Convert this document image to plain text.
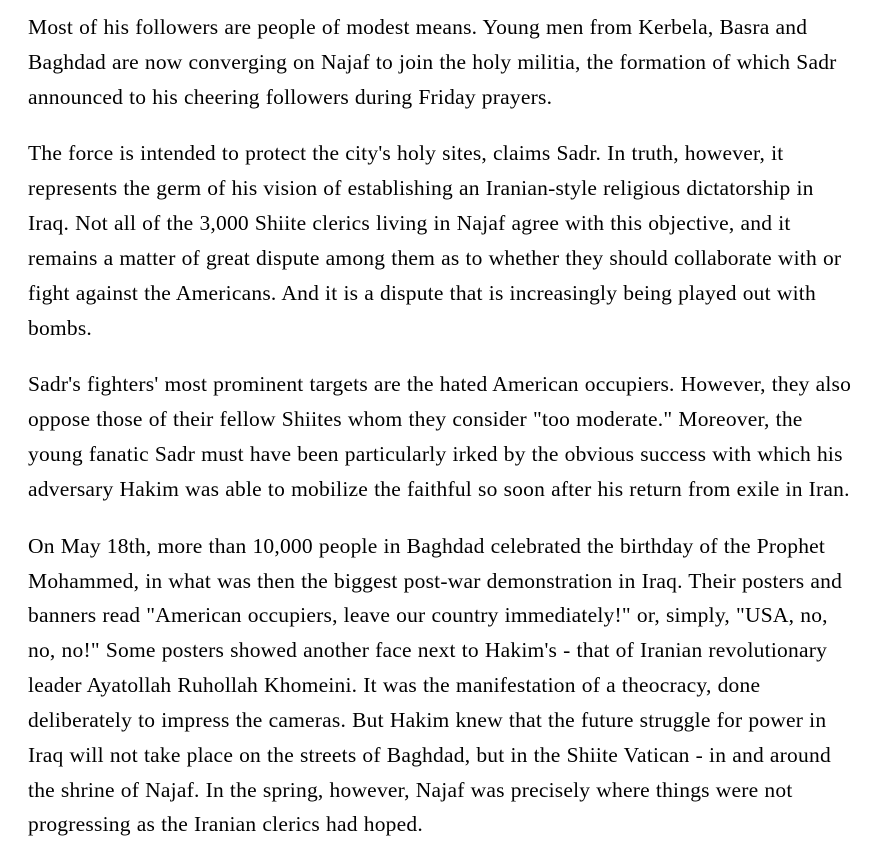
Most of his followers are people of modest means. Young men from Kerbela, Basra and Baghdad are now converging on Najaf to join the holy militia, the formation of which Sadr announced to his cheering followers during Friday prayers.

The force is intended to protect the city's holy sites, claims Sadr. In truth, however, it represents the germ of his vision of establishing an Iranian-style religious dictatorship in Iraq. Not all of the 3,000 Shiite clerics living in Najaf agree with this objective, and it remains a matter of great dispute among them as to whether they should collaborate with or fight against the Americans. And it is a dispute that is increasingly being played out with bombs.

Sadr's fighters' most prominent targets are the hated American occupiers. However, they also oppose those of their fellow Shiites whom they consider "too moderate." Moreover, the young fanatic Sadr must have been particularly irked by the obvious success with which his adversary Hakim was able to mobilize the faithful so soon after his return from exile in Iran.

On May 18th, more than 10,000 people in Baghdad celebrated the birthday of the Prophet Mohammed, in what was then the biggest post-war demonstration in Iraq. Their posters and banners read "American occupiers, leave our country immediately!" or, simply, "USA, no, no, no!" Some posters showed another face next to Hakim's - that of Iranian revolutionary leader Ayatollah Ruhollah Khomeini. It was the manifestation of a theocracy, done deliberately to impress the cameras. But Hakim knew that the future struggle for power in Iraq will not take place on the streets of Baghdad, but in the Shiite Vatican - in and around the shrine of Najaf. In the spring, however, Najaf was precisely where things were not progressing as the Iranian clerics had hoped.
